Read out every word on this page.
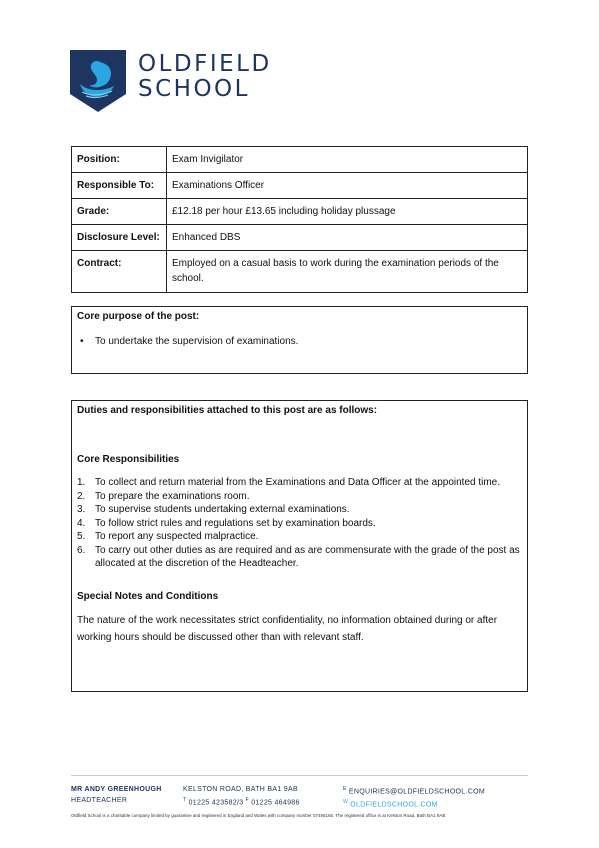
OLDFIELD
SCHOOL
Position:	Exam Invigilator
Responsible To:	Examinations Officer
Grade:	£12.18 per hour £13.65 including holiday plussage
Disclosure Level:	Enhanced DBS
Contract:	Employed on a casual basis to work during the examination periods of the school.
Core purpose of the post:
• To undertake the supervision of examinations.
Duties and responsibilities attached to this post are as follows:
Core Responsibilities
1. To collect and return material from the Examinations and Data Officer at the appointed time.
2. To prepare the examinations room.
3. To supervise students undertaking external examinations.
4. To follow strict rules and regulations set by examination boards.
5. To report any suspected malpractice.
6. To carry out other duties as are required and as are commensurate with the grade of the post as allocated at the discretion of the Headteacher.
Special Notes and Conditions
The nature of the work necessitates strict confidentiality, no information obtained during or after working hours should be discussed other than with relevant staff.
MR ANDY GREENHOUGH
HEADTEACHER
KELSTON ROAD, BATH BA1 9AB
$^T$ 01225 423582/3 $^F$ 01225 464986
$^E$ ENQUIRIES@OLDFIELDSCHOOL.COM
$^W$ OLDFIELDSCHOOL.COM
Oldfield School is a charitable company limited by guarantee and registered in England and Wales with company number 07495165. The registered office is at Kelston Road, Bath BA1 9AB
